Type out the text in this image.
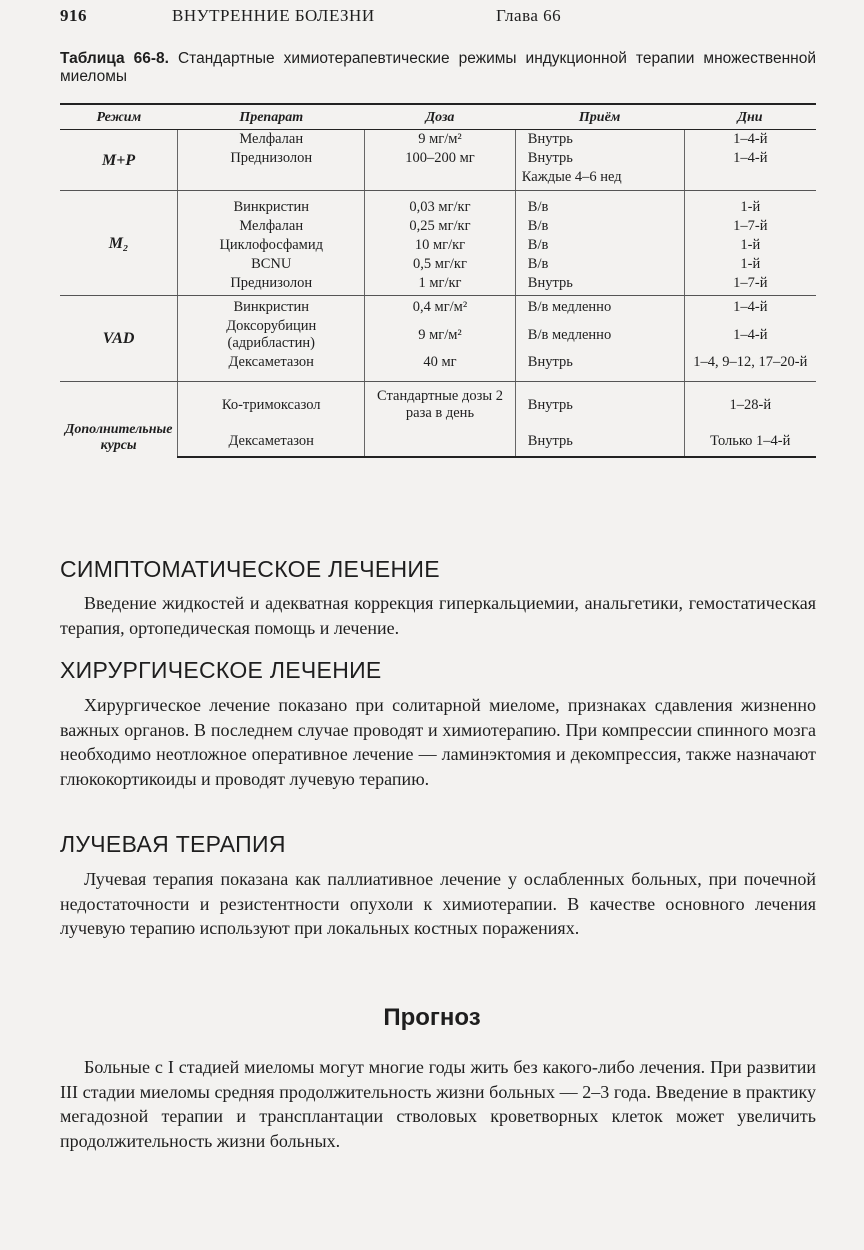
916	ВНУТРЕННИЕ БОЛЕЗНИ	Глава 66
Таблица 66-8. Стандартные химиотерапевтические режимы индукционной терапии множественной миеломы
Режим	Препарат	Доза	Приём	Дни
M+P	Мелфалан	9 мг/м²	Внутрь	1–4-й
	Преднизолон	100–200 мг	Внутрь	1–4-й
			Каждые 4–6 нед	
M₂	Винкристин	0,03 мг/кг	В/в	1-й
	Мелфалан	0,25 мг/кг	В/в	1–7-й
	Циклофосфамид	10 мг/кг	В/в	1-й
	BCNU	0,5 мг/кг	В/в	1-й
	Преднизолон	1 мг/кг	Внутрь	1–7-й
VAD	Винкристин	0,4 мг/м²	В/в медленно	1–4-й
	Доксорубицин (адрибластин)	9 мг/м²	В/в медленно	1–4-й
	Дексаметазон	40 мг	Внутрь	1–4, 9–12, 17–20-й
Дополнительные курсы	Ко-тримоксазол	Стандартные дозы 2 раза в день	Внутрь	1–28-й
	Дексаметазон		Внутрь	Только 1–4-й
СИМПТОМАТИЧЕСКОЕ ЛЕЧЕНИЕ

Введение жидкостей и адекватная коррекция гиперкальциемии, анальгетики, гемостатическая терапия, ортопедическая помощь и лечение.

ХИРУРГИЧЕСКОЕ ЛЕЧЕНИЕ

Хирургическое лечение показано при солитарной миеломе, признаках сдавления жизненно важных органов. В последнем случае проводят и химиотерапию. При компрессии спинного мозга необходимо неотложное оперативное лечение — ламинэктомия и декомпрессия, также назначают глюкокортикоиды и проводят лучевую терапию.

ЛУЧЕВАЯ ТЕРАПИЯ

Лучевая терапия показана как паллиативное лечение у ослабленных больных, при почечной недостаточности и резистентности опухоли к химиотерапии. В качестве основного лечения лучевую терапию используют при локальных костных поражениях.

Прогноз

Больные с I стадией миеломы могут многие годы жить без какого-либо лечения. При развитии III стадии миеломы средняя продолжительность жизни больных — 2–3 года. Введение в практику мегадозной терапии и трансплантации стволовых кроветворных клеток может увеличить продолжительность жизни больных.
